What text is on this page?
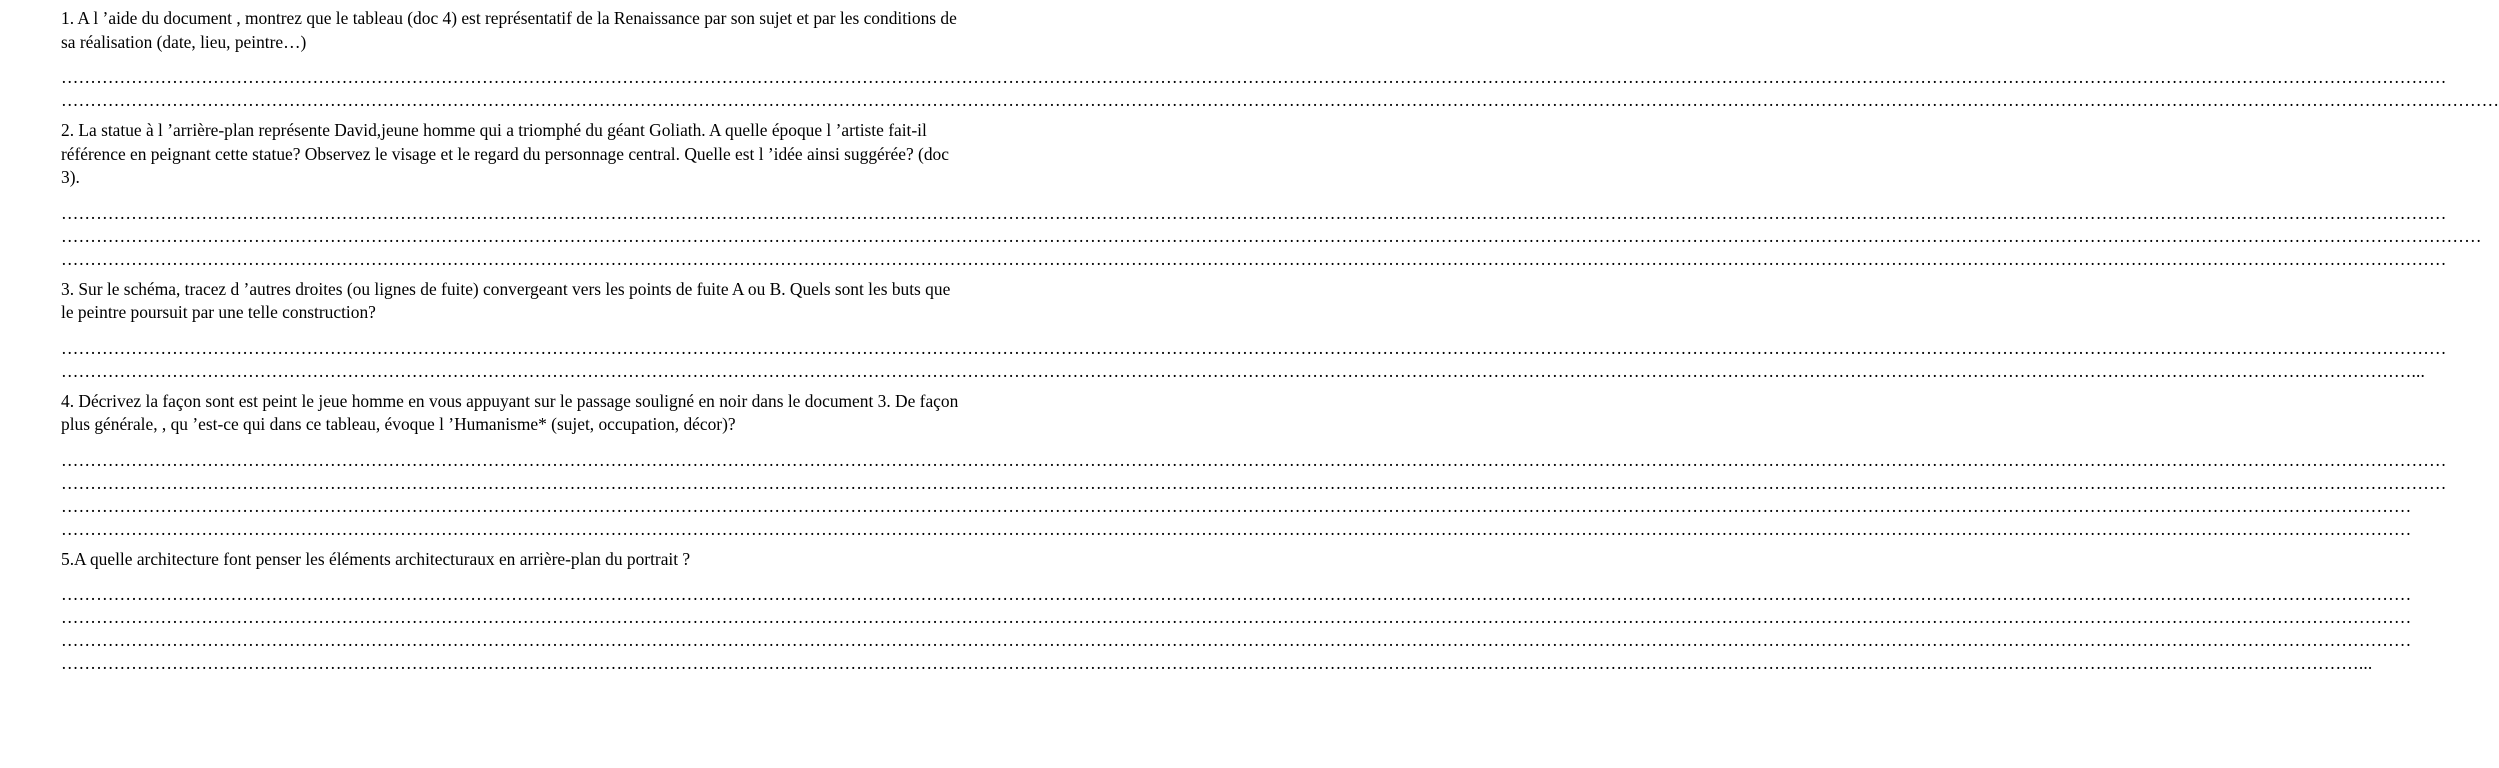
1. A l ’aide du document , montrez que le tableau (doc 4) est représentatif de la Renaissance par son sujet et par les conditions de sa réalisation (date, lieu, peintre…)

…………………………………………………………………………………………………………………………………………………………………………………………………………………………………………………………………………………………………………………………………………………………………………
…………………………………………………………………………………………………………………………………………………………………………………………………………………………………………………………………………………………………………………………………………………………………………………

2. La statue à l ’arrière-plan représente David,jeune homme qui a triomphé du géant Goliath. A quelle époque l ’artiste fait-il référence en peignant cette statue? Observez le visage et le regard du personnage central. Quelle est l ’idée ainsi suggérée? (doc 3).

…………………………………………………………………………………………………………………………………………………………………………………………………………………………………………………………………………………………………………………………………………………………………………
………………………………………………………………………………………………………………………………………………………………………………………………………………………………………………………………………………………………………………………………………………………………………………
…………………………………………………………………………………………………………………………………………………………………………………………………………………………………………………………………………………………………………………………………………………………………………

3. Sur le schéma, tracez d ’autres droites (ou lignes de fuite) convergeant vers les points de fuite A ou B. Quels sont les buts que le peintre poursuit par une telle construction?

…………………………………………………………………………………………………………………………………………………………………………………………………………………………………………………………………………………………………………………………………………………………………………
……………………………………………………………………………………………………………………………………………………………………………………………………………………………………………………………………………………………………………………………………………………………………...

4. Décrivez la façon sont est peint le jeue homme en vous appuyant sur le passage souligné en noir dans le document 3. De façon plus générale, , qu ’est-ce qui dans ce tableau, évoque l ’Humanisme* (sujet, occupation, décor)?

…………………………………………………………………………………………………………………………………………………………………………………………………………………………………………………………………………………………………………………………………………………………………………
…………………………………………………………………………………………………………………………………………………………………………………………………………………………………………………………………………………………………………………………………………………………………………
……………………………………………………………………………………………………………………………………………………………………………………………………………………………………………………………………………………………………………………………………………………………………
……………………………………………………………………………………………………………………………………………………………………………………………………………………………………………………………………………………………………………………………………………………………………

5.A quelle architecture font penser les éléments architecturaux en arrière-plan du portrait ?

……………………………………………………………………………………………………………………………………………………………………………………………………………………………………………………………………………………………………………………………………………………………………
……………………………………………………………………………………………………………………………………………………………………………………………………………………………………………………………………………………………………………………………………………………………………
……………………………………………………………………………………………………………………………………………………………………………………………………………………………………………………………………………………………………………………………………………………………………
……………………………………………………………………………………………………………………………………………………………………………………………………………………………………………………………………………………………………………………………………………………………...
